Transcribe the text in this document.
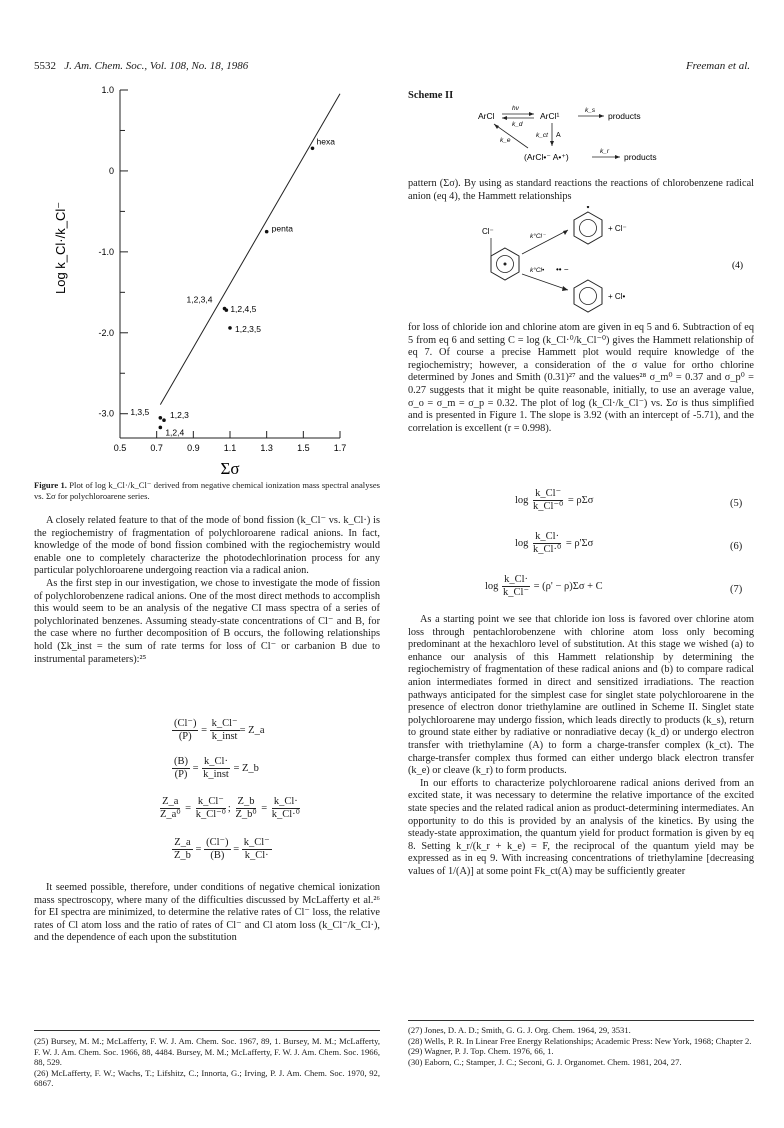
5532 J. Am. Chem. Soc., Vol. 108, No. 18, 1986	Freeman et al.
1.0
0
-1.0
-2.0
-3.0
0.5	0.7	0.9	1.1	1.3	1.5	1.7
Log k_Cl·/k_Cl⁻
Σσ
1,3,5 1,2,3
1,2,4
1,2,3,4
1,2,4,5
1,2,3,5
penta
hexa
Figure 1. Plot of log k_Cl·/k_Cl⁻ derived from negative chemical ionization mass spectral analyses vs. Σσ for polychloroarene series.

A closely related feature to that of the mode of bond fission (k_Cl⁻ vs. k_Cl·) is the regiochemistry of fragmentation of polychloroarene radical anions. In fact, knowledge of the mode of bond fission combined with the regiochemistry would enable one to completely characterize the photodechlorination process for any particular polychloroarene undergoing reaction via a radical anion.

As the first step in our investigation, we chose to investigate the mode of fission of polychlorobenzene radical anions. One of the most direct methods to accomplish this would seem to be an analysis of the negative CI mass spectra of a series of polychlorinated benzenes. Assuming steady-state concentrations of Cl⁻ and B, for the case where no further decomposition of B occurs, the following relationships hold (Σk_inst = the sum of rate terms for loss of Cl⁻ or carbanion B due to instrumental parameters):²⁵

$\frac{(Cl^-)}{(P)} = \frac{k\_Cl^-}{\text{k\_inst}}$ = Z_a
$\frac{(B)}{(P)} = \frac{k\_Cl\cdot}{\text{k\_inst}}$
= Z_b
$\frac{Z\_a}{\text{Z\_a⁰}} = \frac{k\_Cl^-}{\text{k\_Cl⁻⁰}}$ ; $\frac{Z\_b}{\text{Z\_b⁰}} = \frac{k\_Cl\cdot}{\text{k\_Cl·⁰}}$
$\frac{Z\_a}{Z\_b} = \frac{(Cl^-)}{(B)} = \frac{k\_Cl^-}{k\_Cl\cdot}$

It seemed possible, therefore, under conditions of negative chemical ionization mass spectroscopy, where many of the difficulties discussed by McLafferty et al.²⁶ for EI spectra are minimized, to determine the relative rates of Cl⁻ loss, the relative rates of Cl atom loss and the ratio of rates of Cl⁻ and Cl atom loss (k_Cl⁻/k_Cl·), and the dependence of each upon the substitution

(25) Bursey, M. M.; McLafferty, F. W. J. Am. Chem. Soc. 1967, 89, 1. Bursey, M. M.; McLafferty, F. W. J. Am. Chem. Soc. 1966, 88, 4484. Bursey, M. M.; McLafferty, F. W. J. Am. Chem. Soc. 1966, 88, 529.

(26) McLafferty, F. W.; Wachs, T.; Lifshitz, C.; Innorta, G.; Irving, P. J. Am. Chem. Soc. 1970, 92, 6867.

Scheme II
ArCl
hν
k_d
ArCl¹
k_s
products
k_ct A
k_e
(ArCl•⁻ A•⁺)
k_r
products

pattern (Σσ). By using as standard reactions the reactions of chlorobenzene radical anion (eq 4), the Hammett relationships

Cl⁻
k°Cl⁻
k°Cl• •• −
+ Cl⁻
+ Cl•
(4)

for loss of chloride ion and chlorine atom are given in eq 5 and 6. Subtraction of eq 5 from eq 6 and setting C = log (k_Cl·⁰/k_Cl⁻⁰) gives the Hammett relationship of eq 7. Of course a precise Hammett plot would require knowledge of the regiochemistry; however, a consideration of the σ value for ortho chlorine determined by Jones and Smith (0.31)²⁷ and the values²⁸ σ_m⁰ = 0.37 and σ_p⁰ = 0.27 suggests that it might be quite reasonable, initially, to use an average value, σ_o = σ_m = σ_p = 0.32. The plot of log (k_Cl·/k_Cl⁻) vs. Σσ is thus simplified and is presented in Figure 1. The slope is 3.92 (with an intercept of -5.71), and the correlation is excellent (r = 0.998).

log
$\frac{k\_Cl^-}{\text{k\_Cl⁻⁰}}$
= ρΣσ	(5)
log
$\frac{k\_Cl\cdot}{\text{k\_Cl·⁰}}$
= ρ'Σσ	(6)
log
$\frac{k\_Cl\cdot}{k\_Cl^-}$
= (ρ' − ρ)Σσ + C	(7)

As a starting point we see that chloride ion loss is favored over chlorine atom loss through pentachlorobenzene with chlorine atom loss only becoming predominant at the hexachloro level of substitution. At this stage we wished (a) to enhance our analysis of this Hammett relationship by determining the regiochemistry of fragmentation of these radical anions and (b) to compare radical anion intermediates formed in direct and sensitized irradiations. The reaction pathways anticipated for the simplest case for singlet state polychloroarene in the presence of electron donor triethylamine are outlined in Scheme II. Singlet state polychloroarene may undergo fission, which leads directly to products (k_s), return to ground state either by radiative or nonradiative decay (k_d) or undergo electron transfer with triethylamine (A) to form a charge-transfer complex (k_ct). The charge-transfer complex thus formed can either undergo black electron transfer (k_e) or cleave (k_r) to form products.

In our efforts to characterize polychloroarene radical anions derived from an excited state, it was necessary to determine the relative importance of the excited state species and the related radical anion as product-determining intermediates. An opportunity to do this is provided by an analysis of the kinetics. By using the steady-state approximation, the quantum yield for product formation is given by eq 8. Setting k_r/(k_r + k_e) = F, the reciprocal of the quantum yield may be expressed as in eq 9. With increasing concentrations of triethylamine [decreasing values of 1/(A)] at some point Fk_ct(A) may be sufficiently greater

(27) Jones, D. A. D.; Smith, G. G. J. Org. Chem. 1964, 29, 3531.

(28) Wells, P. R. In Linear Free Energy Relationships; Academic Press: New York, 1968; Chapter 2.

(29) Wagner, P. J. Top. Chem. 1976, 66, 1.

(30) Eaborn, C.; Stamper, J. C.; Seconi, G. J. Organomet. Chem. 1981, 204, 27.
